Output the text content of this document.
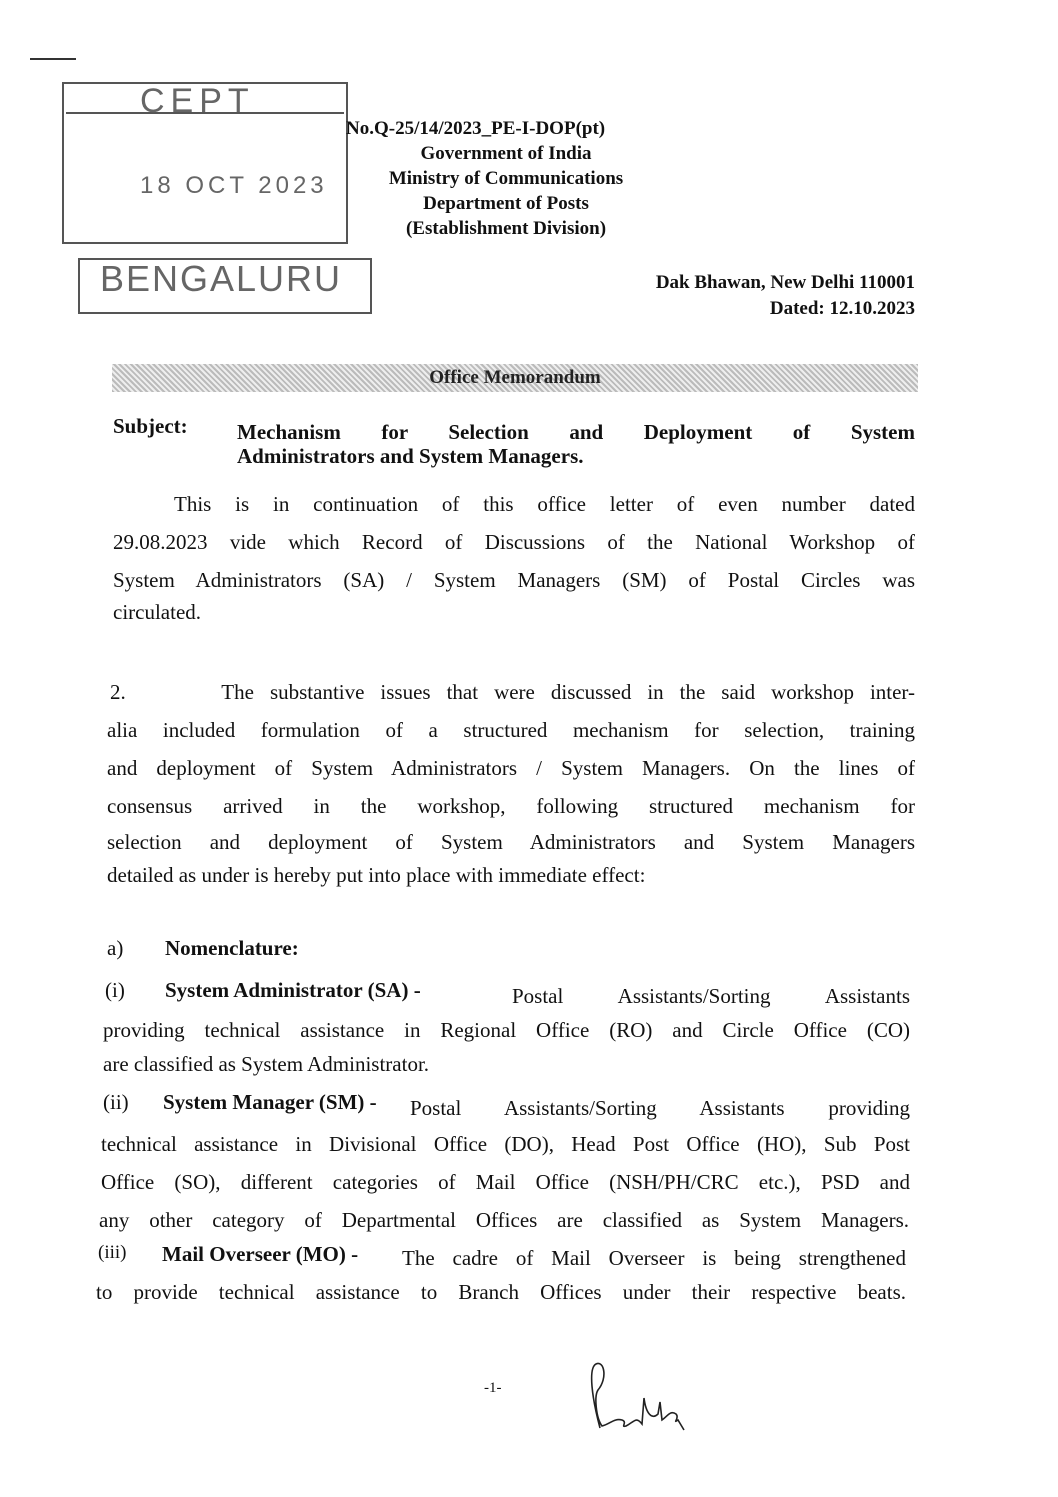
CEPT
18 OCT 2023
BENGALURU
No.Q-25/14/2023_PE-I-DOP(pt)
Government of India
Ministry of Communications
Department of Posts
(Establishment Division)
Dak Bhawan, New Delhi 110001
Dated: 12.10.2023
Office Memorandum
Subject: Mechanism for Selection and Deployment of System
Administrators and System Managers.
This is in continuation of this office letter of even number dated
29.08.2023 vide which Record of Discussions of the National Workshop of
System Administrators (SA) / System Managers (SM) of Postal Circles was
circulated.
2.      The substantive issues that were discussed in the said workshop inter-
alia included formulation of a structured mechanism for selection, training
and deployment of System Administrators / System Managers. On the lines of
consensus arrived in the workshop, following structured mechanism for
selection and deployment of System Administrators and System Managers
detailed as under is hereby put into place with immediate effect:
a) Nomenclature:
(i) System Administrator (SA) -	Postal Assistants/Sorting Assistants
providing technical assistance in Regional Office (RO) and Circle Office (CO)
are classified as System Administrator.
(ii) System Manager (SM) - Postal Assistants/Sorting Assistants providing
technical assistance in Divisional Office (DO), Head Post Office (HO), Sub Post
Office (SO), different categories of Mail Office (NSH/PH/CRC etc.), PSD and
any other category of Departmental Offices are classified as System Managers.
(iii) Mail Overseer (MO) - The cadre of Mail Overseer is being strengthened
to provide technical assistance to Branch Offices under their respective beats.
-1-
